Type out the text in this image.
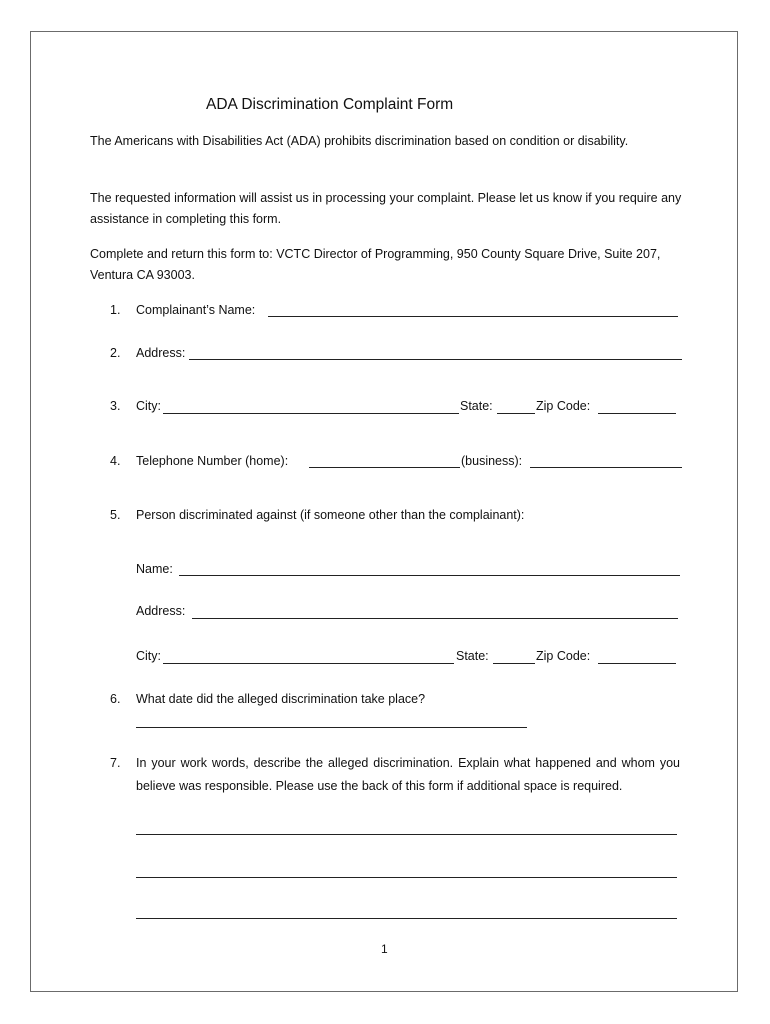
ADA Discrimination Complaint Form
The Americans with Disabilities Act (ADA) prohibits discrimination based on condition or disability.
The requested information will assist us in processing your complaint. Please let us know if you require any assistance in completing this form.
Complete and return this form to: VCTC Director of Programming, 950 County Square Drive, Suite 207, Ventura CA 93003.
1. Complainant’s Name:
2. Address:
3. City:	State:	Zip Code:
4. Telephone Number (home):	(business):
5. Person discriminated against (if someone other than the complainant):
Name:
Address:
City:	State:	Zip Code:
6. What date did the alleged discrimination take place?
7. In your work words, describe the alleged discrimination. Explain what happened and whom you believe was responsible. Please use the back of this form if additional space is required.
1
